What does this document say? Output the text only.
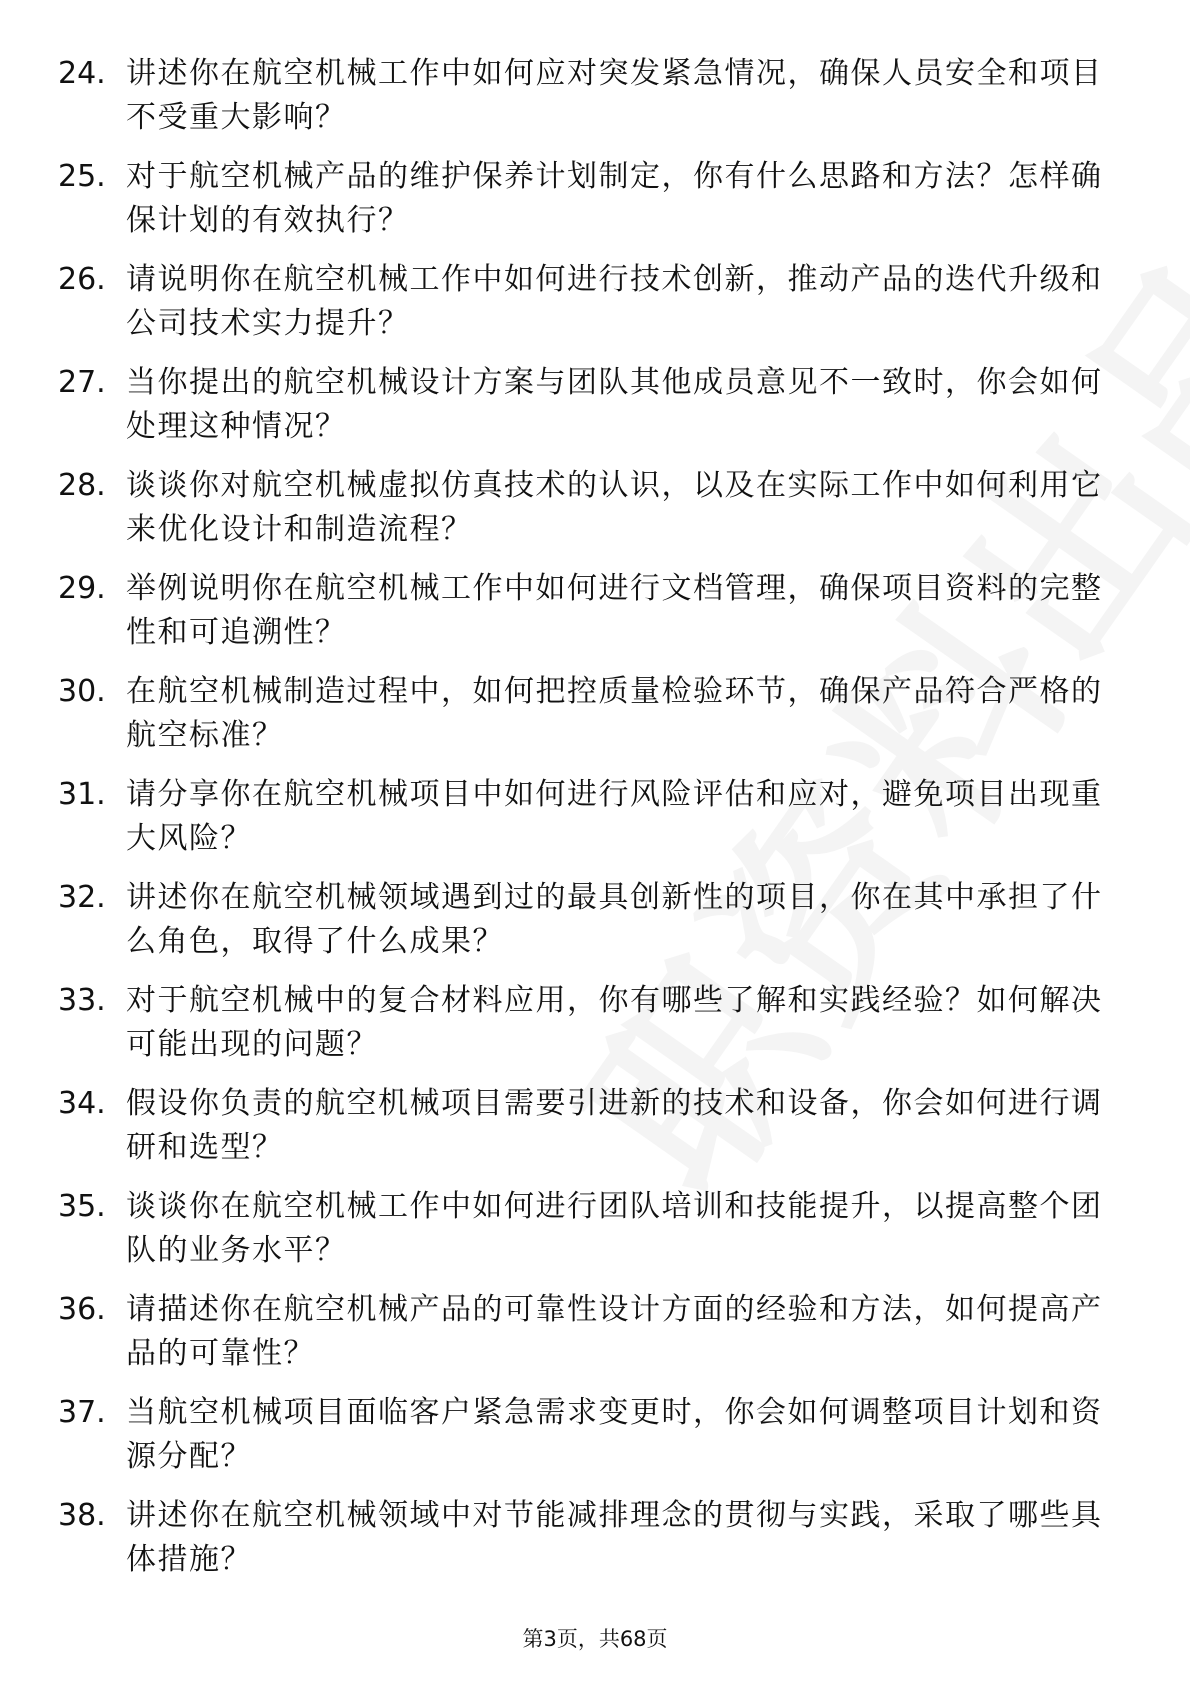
24. 讲述你在航空机械工作中如何应对突发紧急情况，确保人员安全和项目不受重大影响？
25. 对于航空机械产品的维护保养计划制定，你有什么思路和方法？怎样确保计划的有效执行？
26. 请说明你在航空机械工作中如何进行技术创新，推动产品的迭代升级和公司技术实力提升？
27. 当你提出的航空机械设计方案与团队其他成员意见不一致时，你会如何处理这种情况？
28. 谈谈你对航空机械虚拟仿真技术的认识，以及在实际工作中如何利用它来优化设计和制造流程？
29. 举例说明你在航空机械工作中如何进行文档管理，确保项目资料的完整性和可追溯性？
30. 在航空机械制造过程中，如何把控质量检验环节，确保产品符合严格的航空标准？
31. 请分享你在航空机械项目中如何进行风险评估和应对，避免项目出现重大风险？
32. 讲述你在航空机械领域遇到过的最具创新性的项目，你在其中承担了什么角色，取得了什么成果？
33. 对于航空机械中的复合材料应用，你有哪些了解和实践经验？如何解决可能出现的问题？
34. 假设你负责的航空机械项目需要引进新的技术和设备，你会如何进行调研和选型？
35. 谈谈你在航空机械工作中如何进行团队培训和技能提升，以提高整个团队的业务水平？
36. 请描述你在航空机械产品的可靠性设计方面的经验和方法，如何提高产品的可靠性？
37. 当航空机械项目面临客户紧急需求变更时，你会如何调整项目计划和资源分配？
38. 讲述你在航空机械领域中对节能减排理念的贯彻与实践，采取了哪些具体措施？
第3页，共68页
